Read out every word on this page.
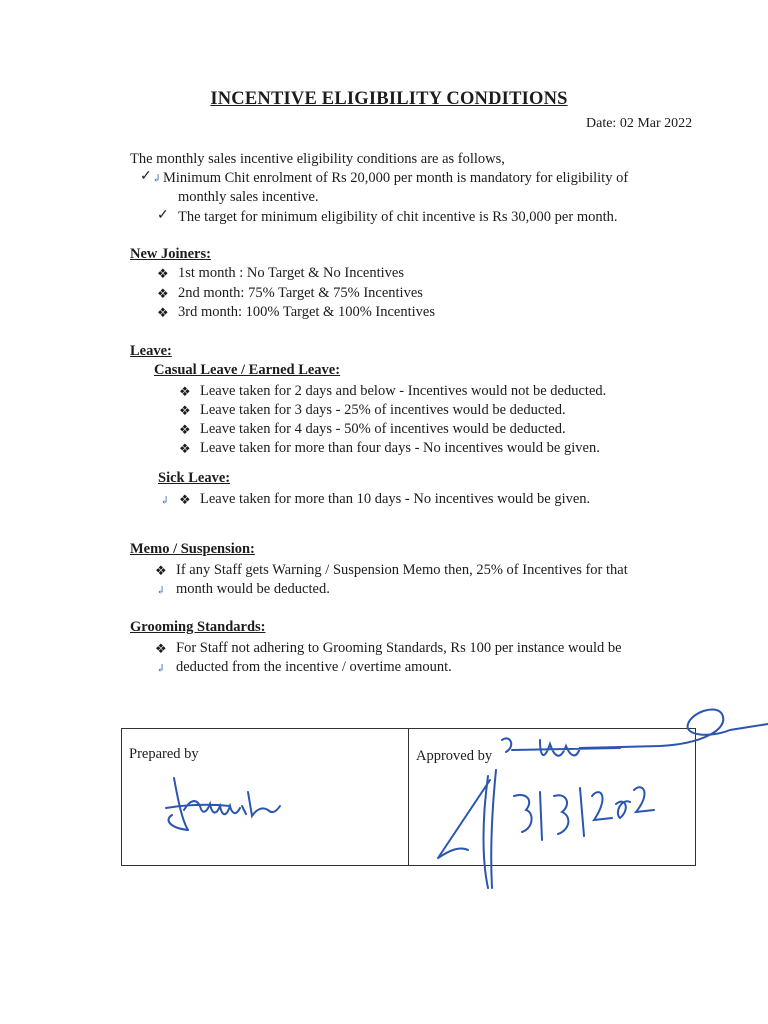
INCENTIVE ELIGIBILITY CONDITIONS
Date: 02 Mar 2022
The monthly sales incentive eligibility conditions are as follows,
✓ ↲ Minimum Chit enrolment of Rs 20,000 per month is mandatory for eligibility of
monthly sales incentive.
✓ The target for minimum eligibility of chit incentive is Rs 30,000 per month.
New Joiners:
❖ 1st month : No Target & No Incentives
❖ 2nd month: 75% Target & 75% Incentives
❖ 3rd month: 100% Target & 100% Incentives
Leave:
Casual Leave / Earned Leave:
❖ Leave taken for 2 days and below - Incentives would not be deducted.
❖ Leave taken for 3 days - 25% of incentives would be deducted.
❖ Leave taken for 4 days - 50% of incentives would be deducted.
❖ Leave taken for more than four days - No incentives would be given.
Sick Leave:
↲ ❖ Leave taken for more than 10 days - No incentives would be given.
Memo / Suspension:
❖ If any Staff gets Warning / Suspension Memo then, 25% of Incentives for that
↲ month would be deducted.
Grooming Standards:
❖ For Staff not adhering to Grooming Standards, Rs 100 per instance would be
↲ deducted from the incentive / overtime amount.
Prepared by	Approved by
